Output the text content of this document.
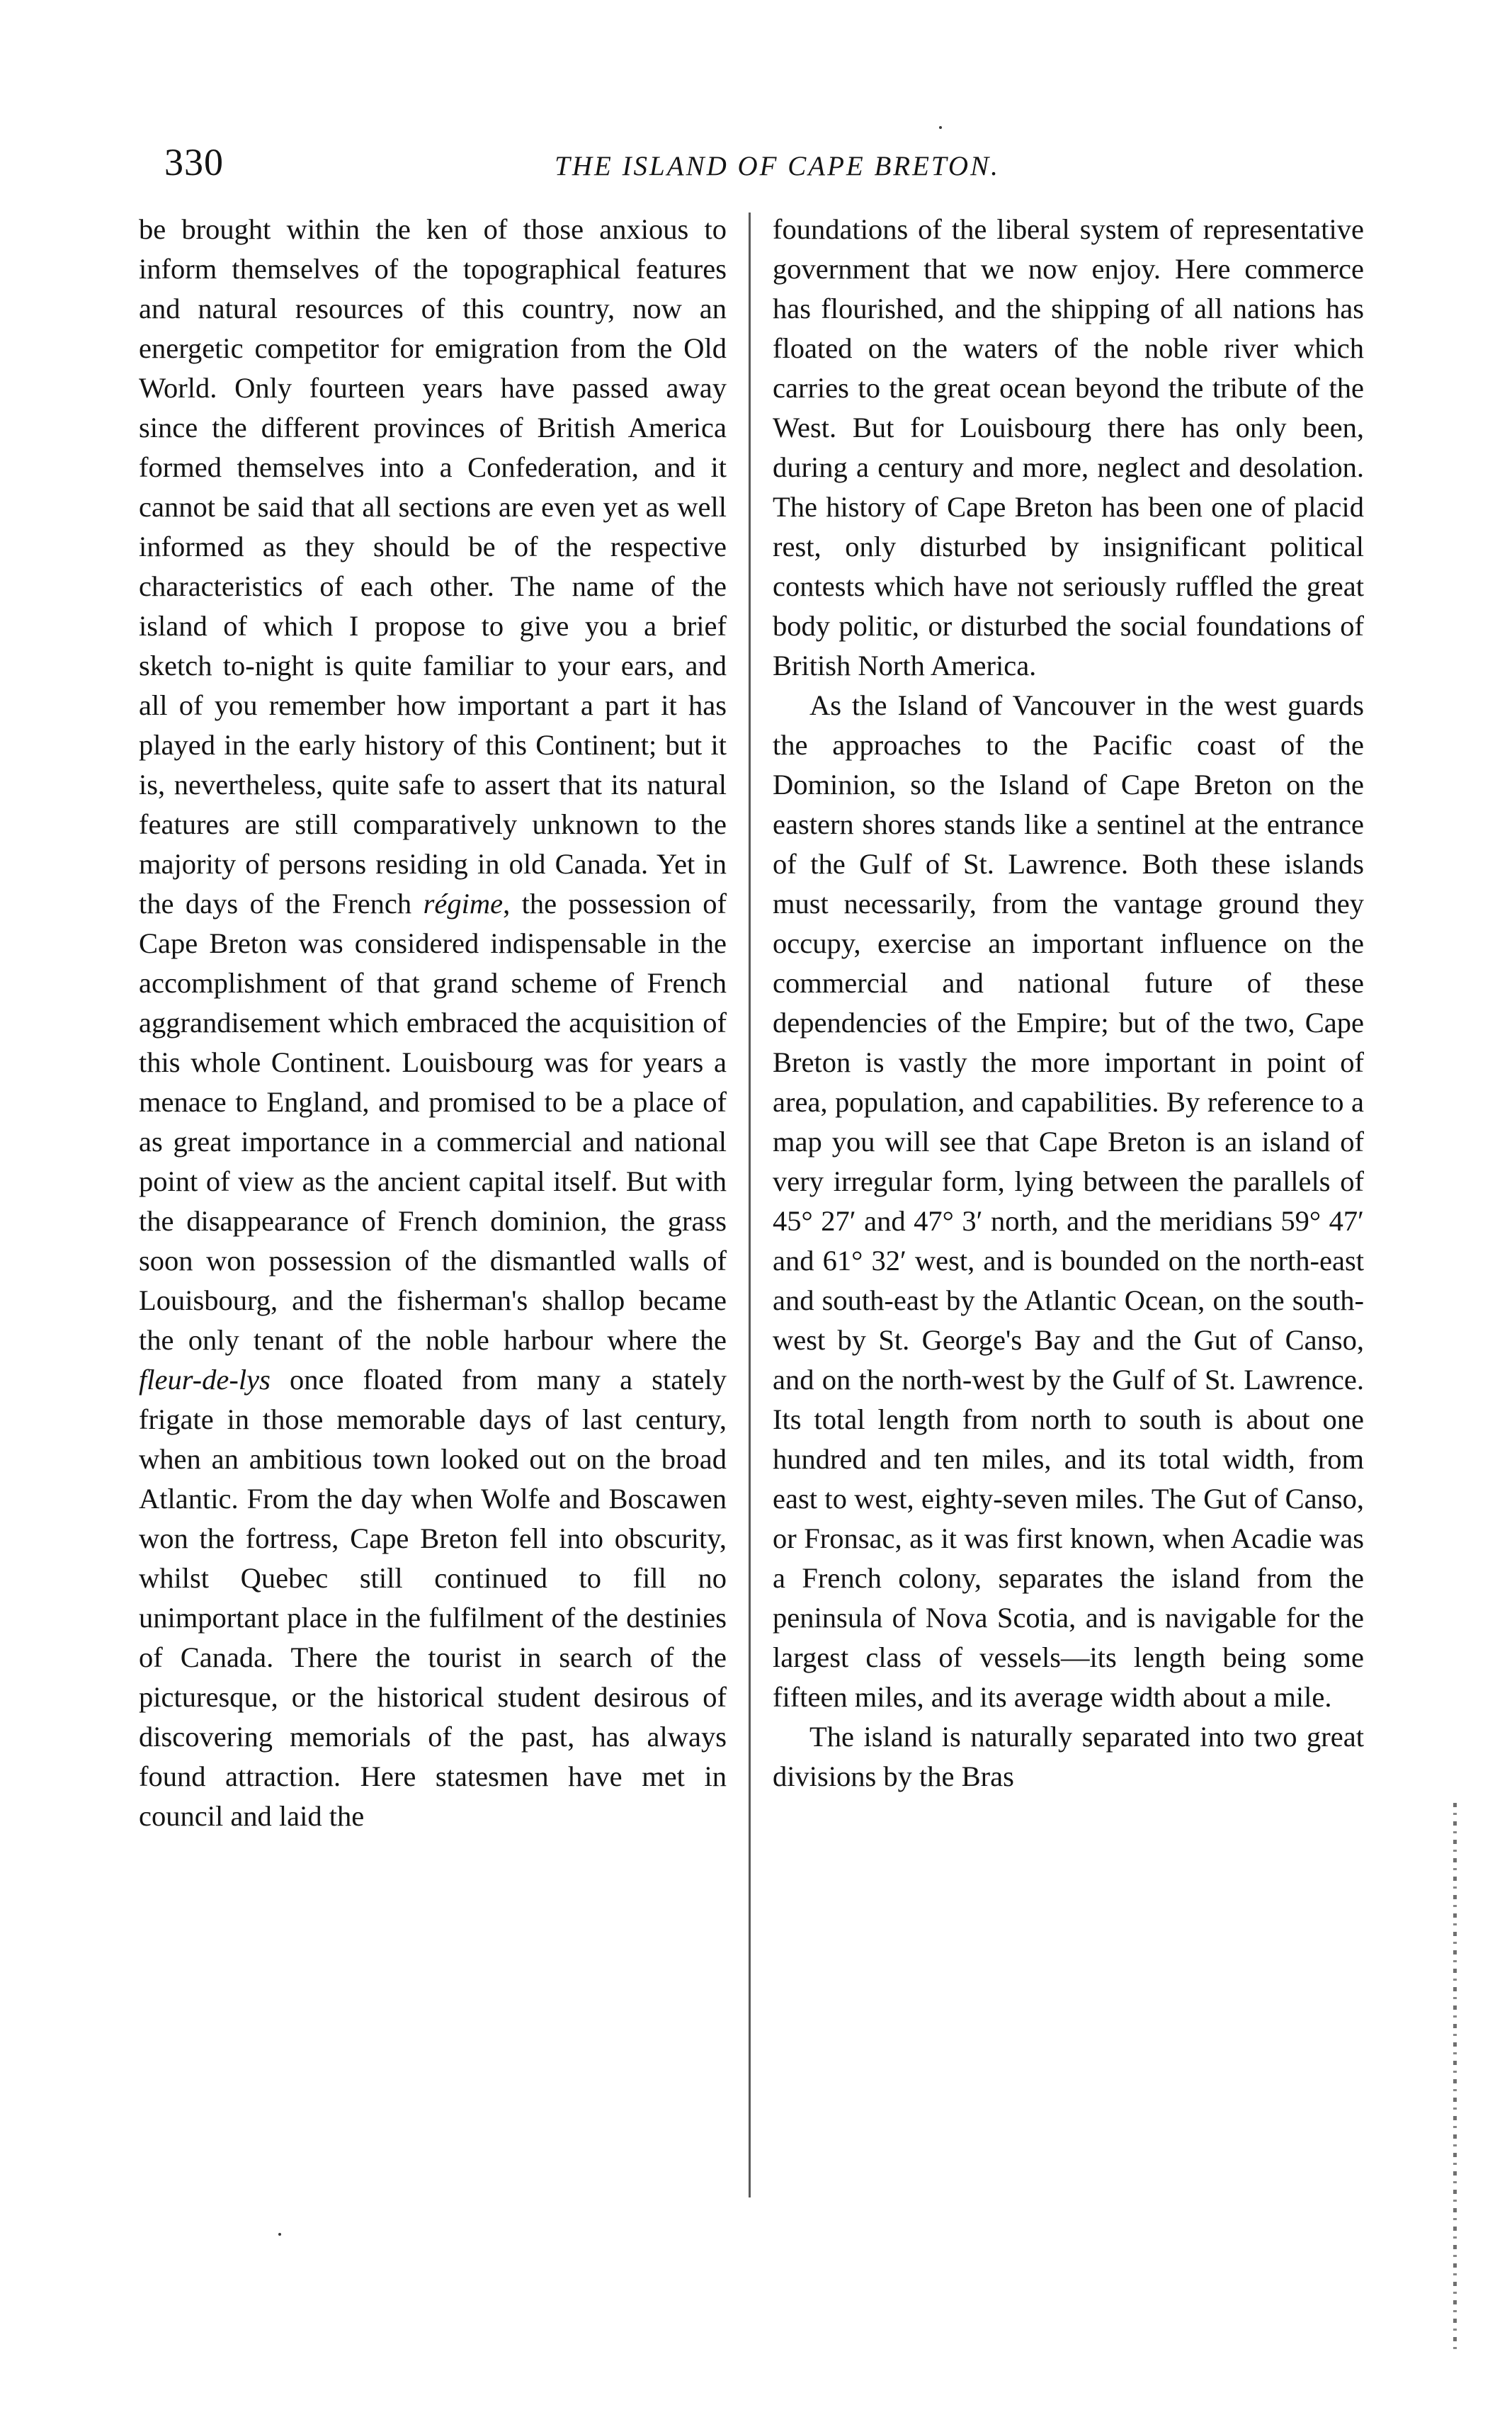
330	THE ISLAND OF CAPE BRETON.

be brought within the ken of those anxious to inform themselves of the topographical features and natural resources of this country, now an energetic competitor for emigration from the Old World. Only fourteen years have passed away since the different provinces of British America formed themselves into a Confederation, and it cannot be said that all sections are even yet as well informed as they should be of the respective characteristics of each other. The name of the island of which I propose to give you a brief sketch to-night is quite familiar to your ears, and all of you remember how important a part it has played in the early history of this Continent; but it is, nevertheless, quite safe to assert that its natural features are still comparatively unknown to the majority of persons residing in old Canada. Yet in the days of the French régime, the possession of Cape Breton was considered indispensable in the accomplishment of that grand scheme of French aggrandisement which embraced the acquisition of this whole Continent. Louisbourg was for years a menace to England, and promised to be a place of as great importance in a commercial and national point of view as the ancient capital itself. But with the disappearance of French dominion, the grass soon won possession of the dismantled walls of Louisbourg, and the fisherman's shallop became the only tenant of the noble harbour where the fleur-de-lys once floated from many a stately frigate in those memorable days of last century, when an ambitious town looked out on the broad Atlantic. From the day when Wolfe and Boscawen won the fortress, Cape Breton fell into obscurity, whilst Quebec still continued to fill no unimportant place in the fulfilment of the destinies of Canada. There the tourist in search of the picturesque, or the historical student desirous of discovering memorials of the past, has always found attraction. Here statesmen have met in council and laid the

foundations of the liberal system of representative government that we now enjoy. Here commerce has flourished, and the shipping of all nations has floated on the waters of the noble river which carries to the great ocean beyond the tribute of the West. But for Louisbourg there has only been, during a century and more, neglect and desolation. The history of Cape Breton has been one of placid rest, only disturbed by insignificant political contests which have not seriously ruffled the great body politic, or disturbed the social foundations of British North America.

As the Island of Vancouver in the west guards the approaches to the Pacific coast of the Dominion, so the Island of Cape Breton on the eastern shores stands like a sentinel at the entrance of the Gulf of St. Lawrence. Both these islands must necessarily, from the vantage ground they occupy, exercise an important influence on the commercial and national future of these dependencies of the Empire; but of the two, Cape Breton is vastly the more important in point of area, population, and capabilities. By reference to a map you will see that Cape Breton is an island of very irregular form, lying between the parallels of 45° 27′ and 47° 3′ north, and the meridians 59° 47′ and 61° 32′ west, and is bounded on the north-east and south-east by the Atlantic Ocean, on the south-west by St. George's Bay and the Gut of Canso, and on the north-west by the Gulf of St. Lawrence. Its total length from north to south is about one hundred and ten miles, and its total width, from east to west, eighty-seven miles. The Gut of Canso, or Fronsac, as it was first known, when Acadie was a French colony, separates the island from the peninsula of Nova Scotia, and is navigable for the largest class of vessels—its length being some fifteen miles, and its average width about a mile.

The island is naturally separated into two great divisions by the Bras
